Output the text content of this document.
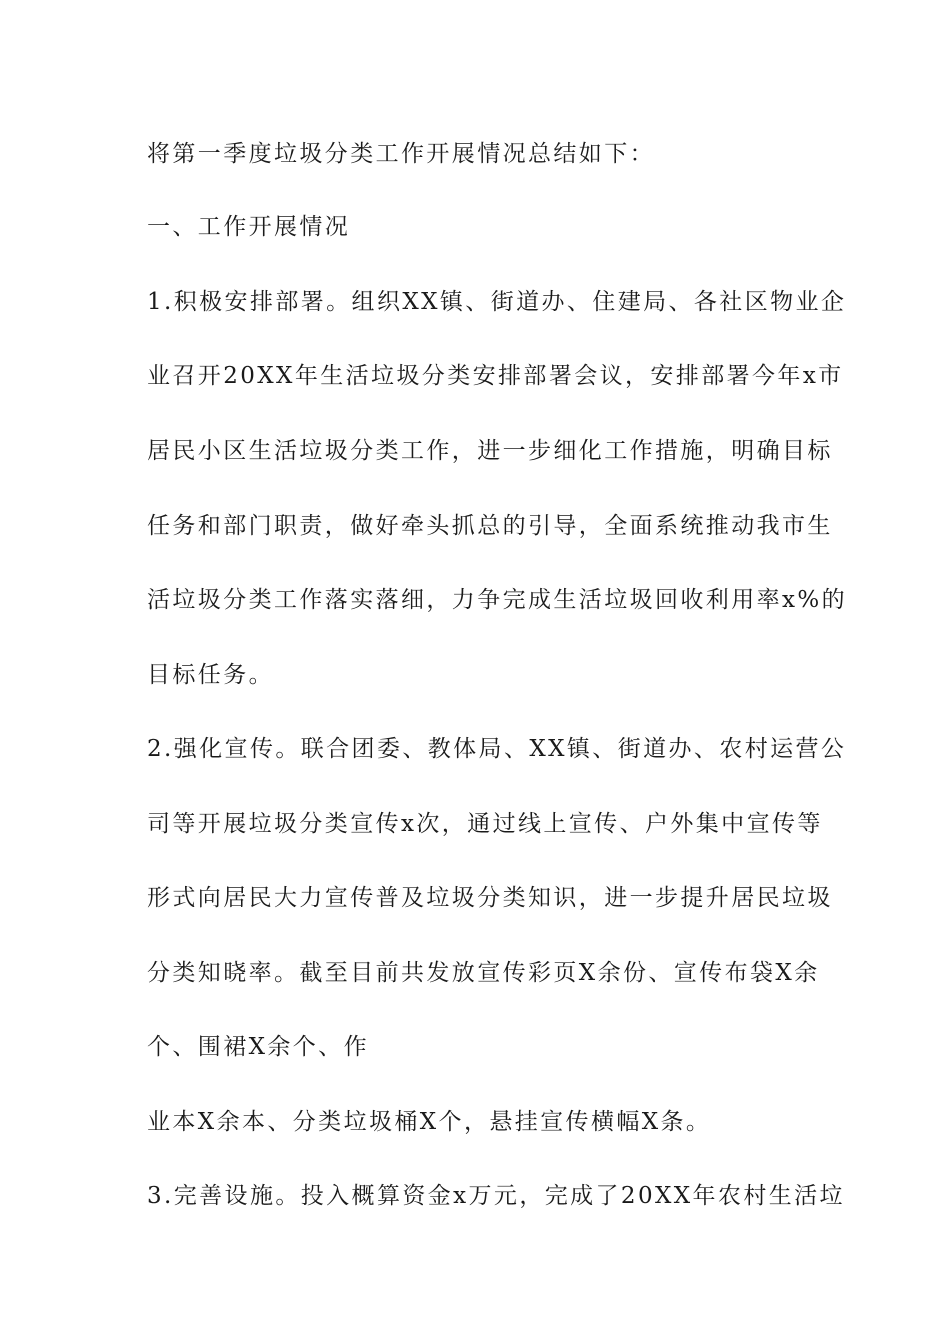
将第一季度垃圾分类工作开展情况总结如下：
一、工作开展情况
1.积极安排部署。组织XX镇、街道办、住建局、各社区物业企
业召开20XX年生活垃圾分类安排部署会议，安排部署今年x市
居民小区生活垃圾分类工作，进一步细化工作措施，明确目标
任务和部门职责，做好牵头抓总的引导，全面系统推动我市生
活垃圾分类工作落实落细，力争完成生活垃圾回收利用率x%的
目标任务。
2.强化宣传。联合团委、教体局、XX镇、街道办、农村运营公
司等开展垃圾分类宣传x次，通过线上宣传、户外集中宣传等
形式向居民大力宣传普及垃圾分类知识，进一步提升居民垃圾
分类知晓率。截至目前共发放宣传彩页X余份、宣传布袋X余
个、围裙X余个、作
业本X余本、分类垃圾桶X个，悬挂宣传横幅X条。
3.完善设施。投入概算资金x万元，完成了20XX年农村生活垃
